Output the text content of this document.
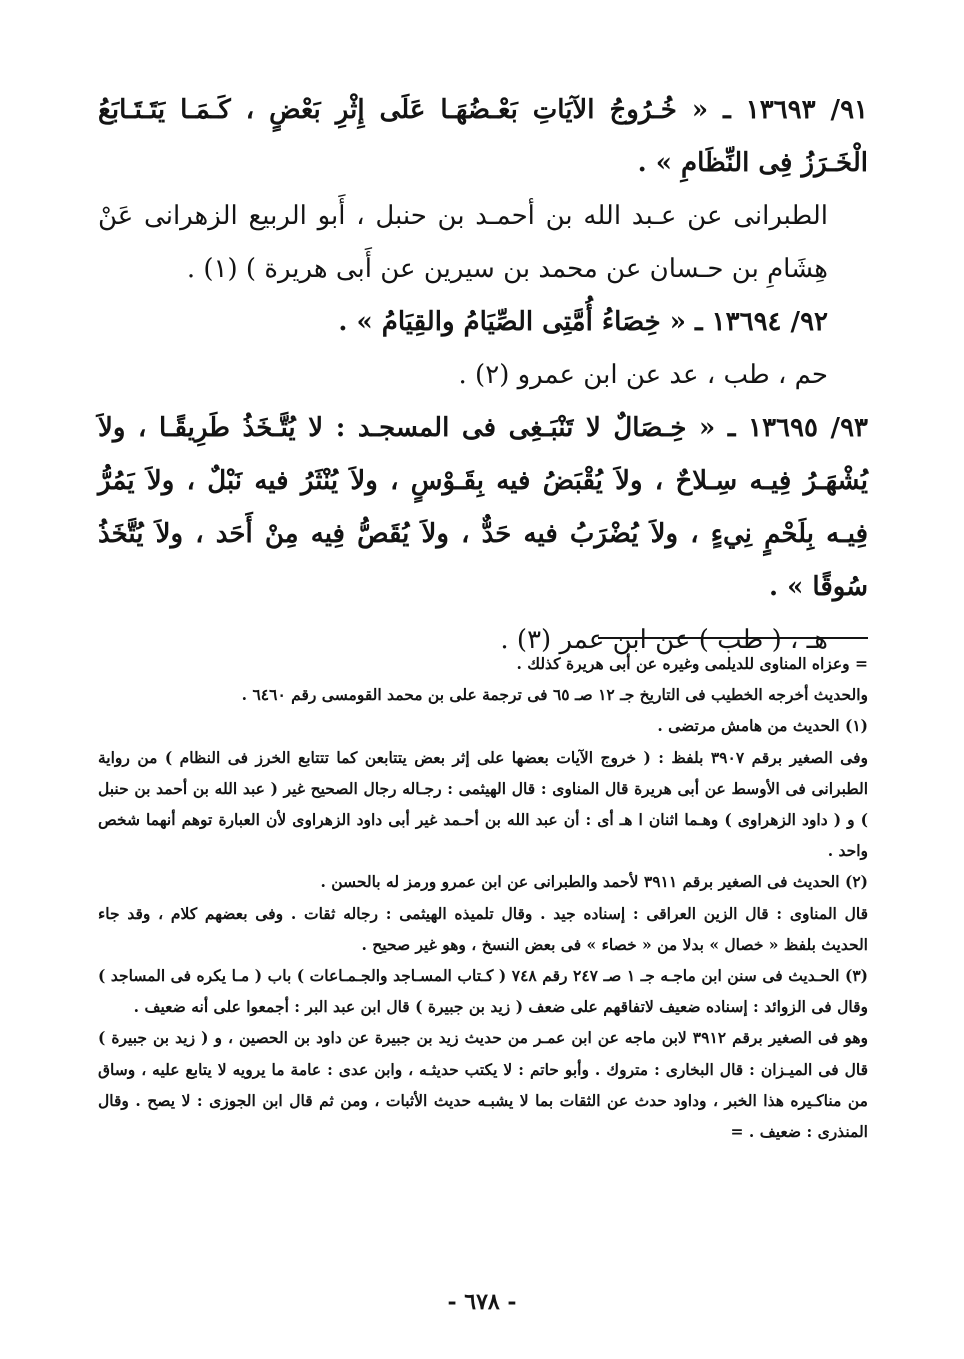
٩١/ ١٣٦٩٣ ـ « خُـرُوجُ الآيَاتِ بَعْـضُهَـا عَلَى إِثْرِ بَعْضٍ ، كَـمَـا يَتَـتَـابَعُ الْخَـرَزُ فِى النِّظَامِ » .

الطبرانى عن عـبد الله بن أحمـد بن حنبل ، أَبو الربيع الزهرانى عَنْ هِشَامِ بن حـسان عن محمد بن سيرين عن أَبى هريرة ) (١) .

٩٢/ ١٣٦٩٤ ـ « خِصَاءُ أُمَّتِى الصِّيَامُ والقِيَامُ » .

حم ، طب ، عد عن ابن عمرو (٢) .

٩٣/ ١٣٦٩٥ ـ « خِـصَالٌ لا تَنْبَـغِى فى المسجـد : لا يُتَّـخَذُ طَرِيقًـا ، ولاَ يُشْهَـرُ فِيـه سِـلاحٌ ، ولاَ يُقْبَضُ فيه بِقَـوْسٍ ، ولاَ يُنْثَرُ فيه نَبْلٌ ، ولاَ يَمُرُّ فِيـه بِلَحْمٍ نِيءٍ ، ولاَ يُضْرَبُ فيه حَدٌّ ، ولاَ يُقَصُّ فِيه مِنْ أَحَد ، ولاَ يُتَّخَذُ سُوقًا » .

هـ ، ( طب ) عن ابن عمر (٣) .

= وعزاه المناوى للديلمى وغيره عن أبى هريرة كذلك .

والحديث أخرجه الخطيب فى التاريخ جـ ١٢ صـ ٦٥ فى ترجمة على بن محمد القومسى رقم ٦٤٦٠ .

(١) الحديث من هامش مرتضى .

وفى الصغير برقم ٣٩٠٧ بلفظ : ( خروج الآيات بعضها على إثر بعض يتتابعن كما تتتابع الخرز فى النظام ) من رواية الطبرانى فى الأوسط عن أبى هريرة قال المناوى : قال الهيثمى : رجـاله رجال الصحيح غير ( عبد الله بن أحمد بن حنبل ) و ( داود الزهراوى ) وهـما اثنان ا هـ أى : أن عبد الله بن أحـمد غير أبى داود الزهراوى لأن العبارة توهم أنهما شخص واحد .

(٢) الحديث فى الصغير برقم ٣٩١١ لأحمد والطبرانى عن ابن عمرو ورمز له بالحسن .

قال المناوى : قال الزين العراقى : إسناده جيد . وقال تلميذه الهيثمى : رجاله ثقات . وفى بعضهم كلام ، وقد جاء الحديث بلفظ « خصال » بدلا من « خصاء » فى بعض النسخ ، وهو غير صحيح .

(٣) الحـديث فى سنن ابن ماجـه جـ ١ صـ ٢٤٧ رقم ٧٤٨ ( كـتاب المسـاجد والجـمـاعات ) باب ( مـا يكره فى المساجد ) وقال فى الزوائد : إسناده ضعيف لاتفاقهم على ضعف ( زيد بن جبيرة ) قال ابن عبد البر : أجمعوا على أنه ضعيف .

وهو فى الصغير برقم ٣٩١٢ لابن ماجه عن ابن عمـر من حديث زيد بن جبيرة عن داود بن الحصين ، و ( زيد بن جبيرة ) قال فى الميـزان : قال البخارى : متروك . وأبو حاتم : لا يكتب حديثـه ، وابن عدى : عامة ما يرويه لا يتابع عليه ، وساق من مناكـيره هذا الخبر ، وداود حدث عن الثقات بما لا يشبـه حديث الأثبات ، ومن ثم قال ابن الجوزى : لا يصح . وقال المنذرى : ضعيف . =

- ٦٧٨ -
